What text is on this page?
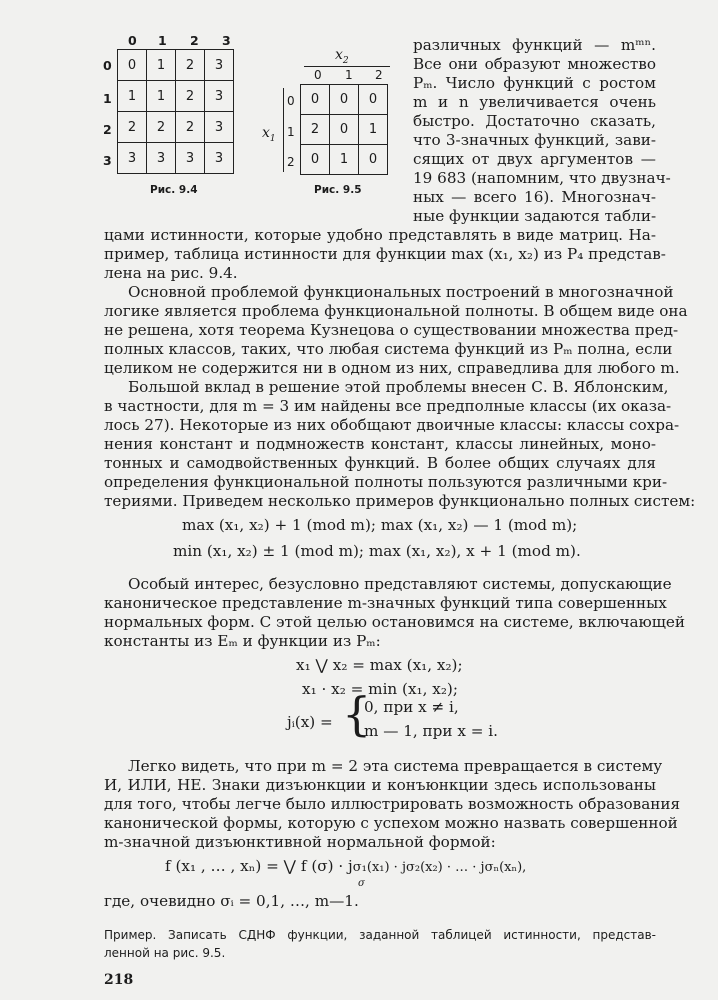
0 1 2 3
0
1
2
3
0	1	2	3
1	1	2	3
2	2	2	3
3	3	3	3
Рис. 9.4
$x_2$
0 1 2
$x_1$
0
1
2
0	0	0
2	0	1
0	1	0
Рис. 9.5
различных функций — mᵐⁿ.
Все они образуют множество
Pₘ. Число функций с ростом
m и n увеличивается очень
быстро. Достаточно сказать,
что 3-значных функций, зави-
сящих от двух аргументов —
19 683 (напомним, что двузнач-
ных — всего 16). Многознач-
ные функции задаются табли-
цами истинности, которые удобно представлять в виде матриц. На-
пример, таблица истинности для функции max (x₁, x₂) из P₄ представ-
лена на рис. 9.4.
Основной проблемой функциональных построений в многозначной
логике является проблема функциональной полноты. В общем виде она
не решена, хотя теорема Кузнецова о существовании множества пред-
полных классов, таких, что любая система функций из Pₘ полна, если
целиком не содержится ни в одном из них, справедлива для любого m.
Большой вклад в решение этой проблемы внесен С. В. Яблонским,
в частности, для m = 3 им найдены все предполные классы (их оказа-
лось 27). Некоторые из них обобщают двоичные классы: классы сохра-
нения констант и подмножеств констант, классы линейных, моно-
тонных и самодвойственных функций. В более общих случаях для
определения функциональной полноты пользуются различными кри-
териями. Приведем несколько примеров функционально полных систем:
max (x₁, x₂) + 1 (mod m); max (x₁, x₂) — 1 (mod m);
min (x₁, x₂) ± 1 (mod m); max (x₁, x₂), x + 1 (mod m).
Особый интерес, безусловно представляют системы, допускающие
каноническое представление m-значных функций типа совершенных
нормальных форм. С этой целью остановимся на системе, включающей
константы из Eₘ и функции из Pₘ:
x₁ ⋁ x₂ = max (x₁, x₂);
x₁ · x₂ = min (x₁, x₂);
jᵢ(x) = {
0, при x ≠ i,
m — 1, при x = i.
Легко видеть, что при m = 2 эта система превращается в систему
И, ИЛИ, НЕ. Знаки дизъюнкции и конъюнкции здесь использованы
для того, чтобы легче было иллюстрировать возможность образования
канонической формы, которую с успехом можно назвать совершенной
m-значной дизъюнктивной нормальной формой:
f (x₁ , … , xₙ) = ⋁ f (σ) · jσ₁(x₁) · jσ₂(x₂) · … · jσₙ(xₙ),
σ
где, очевидно σᵢ = 0,1, …, m—1.
Пример. Записать СДНФ функции, заданной таблицей истинности, представ-
ленной на рис. 9.5.
218
